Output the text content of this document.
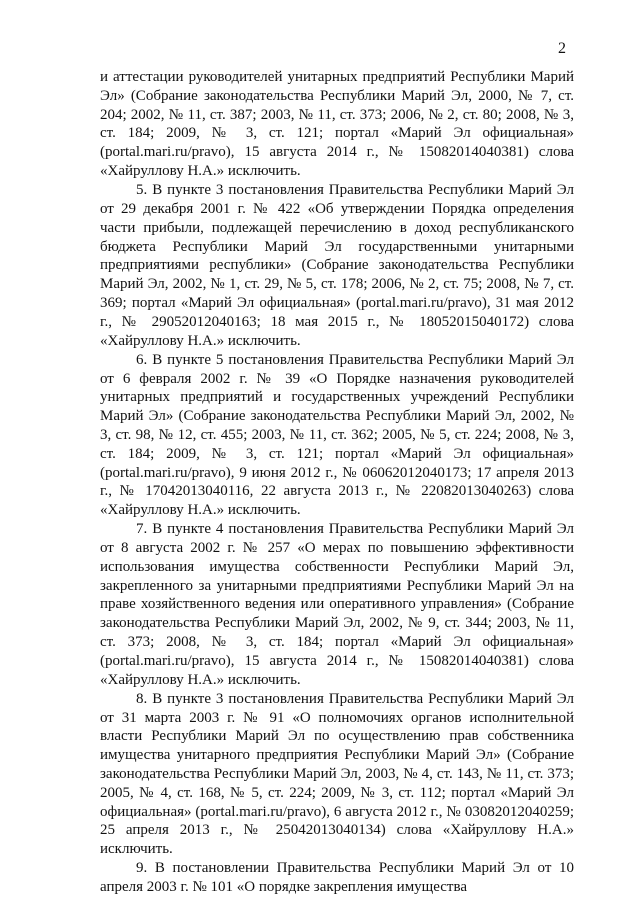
2

и аттестации руководителей унитарных предприятий Республики Марий Эл» (Собрание законодательства Республики Марий Эл, 2000, № 7, ст. 204; 2002, № 11, ст. 387; 2003, № 11, ст. 373; 2006, № 2, ст. 80; 2008, № 3, ст. 184; 2009, № 3, ст. 121; портал «Марий Эл официальная» (portal.mari.ru/pravo), 15 августа 2014 г., № 15082014040381) слова «Хайруллову Н.А.» исключить.

5. В пункте 3 постановления Правительства Республики Марий Эл от 29 декабря 2001 г. № 422 «Об утверждении Порядка определения части прибыли, подлежащей перечислению в доход республиканского бюджета Республики Марий Эл государственными унитарными предприятиями республики» (Собрание законодательства Республики Марий Эл, 2002, № 1, ст. 29, № 5, ст. 178; 2006, № 2, ст. 75; 2008, № 7, ст. 369; портал «Марий Эл официальная» (portal.mari.ru/pravo), 31 мая 2012 г., № 29052012040163; 18 мая 2015 г., № 18052015040172) слова «Хайруллову Н.А.» исключить.

6. В пункте 5 постановления Правительства Республики Марий Эл от 6 февраля 2002 г. № 39 «О Порядке назначения руководителей унитарных предприятий и государственных учреждений Республики Марий Эл» (Собрание законодательства Республики Марий Эл, 2002, № 3, ст. 98, № 12, ст. 455; 2003, № 11, ст. 362; 2005, № 5, ст. 224; 2008, № 3, ст. 184; 2009, № 3, ст. 121; портал «Марий Эл официальная» (portal.mari.ru/pravo), 9 июня 2012 г., № 06062012040173; 17 апреля 2013 г., № 17042013040116, 22 августа 2013 г., № 22082013040263) слова «Хайруллову Н.А.» исключить.

7. В пункте 4 постановления Правительства Республики Марий Эл от 8 августа 2002 г. № 257 «О мерах по повышению эффективности использования имущества собственности Республики Марий Эл, закрепленного за унитарными предприятиями Республики Марий Эл на праве хозяйственного ведения или оперативного управления» (Собрание законодательства Республики Марий Эл, 2002, № 9, ст. 344; 2003, № 11, ст. 373; 2008, № 3, ст. 184; портал «Марий Эл официальная» (portal.mari.ru/pravo), 15 августа 2014 г., № 15082014040381) слова «Хайруллову Н.А.» исключить.

8. В пункте 3 постановления Правительства Республики Марий Эл от 31 марта 2003 г. № 91 «О полномочиях органов исполнительной власти Республики Марий Эл по осуществлению прав собственника имущества унитарного предприятия Республики Марий Эл» (Собрание законодательства Республики Марий Эл, 2003, № 4, ст. 143, № 11, ст. 373; 2005, № 4, ст. 168, № 5, ст. 224; 2009, № 3, ст. 112; портал «Марий Эл официальная» (portal.mari.ru/pravo), 6 августа 2012 г., № 03082012040259; 25 апреля 2013 г., № 25042013040134) слова «Хайруллову Н.А.» исключить.

9. В постановлении Правительства Республики Марий Эл от 10 апреля 2003 г. № 101 «О порядке закрепления имущества
